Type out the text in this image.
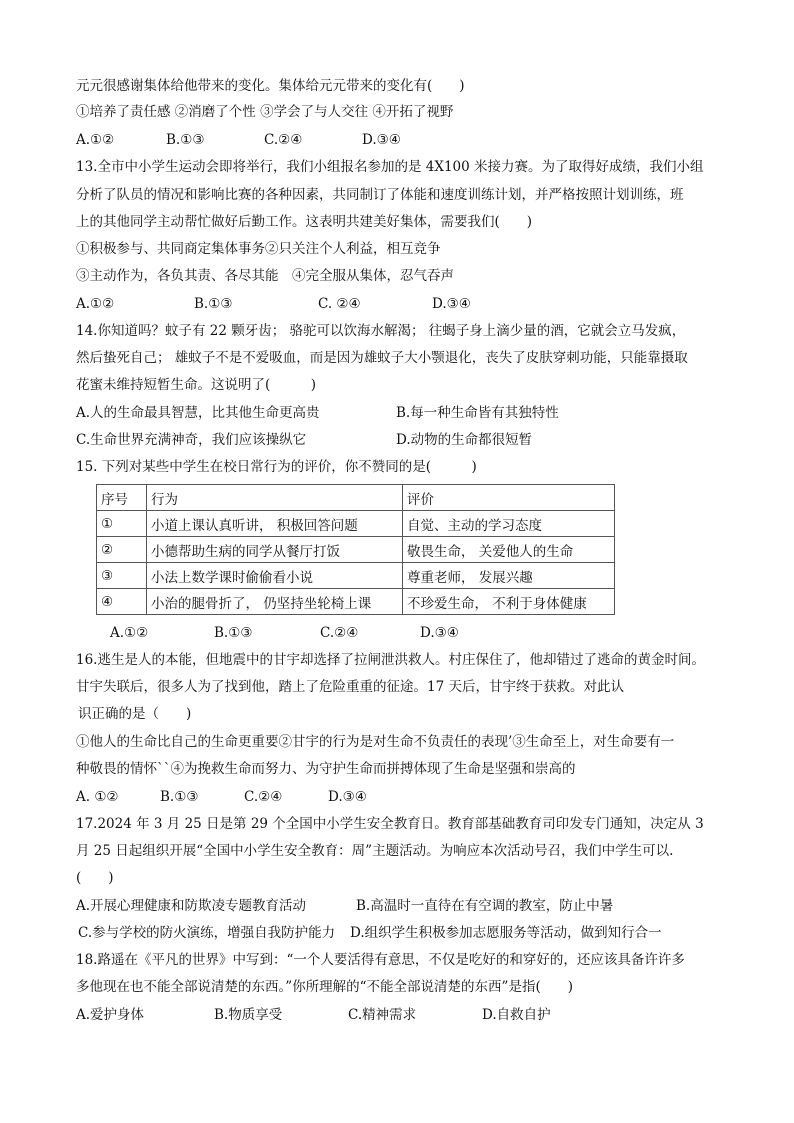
元元很感谢集体给他带来的变化。集体给元元带来的变化有(　　)
①培养了责任感 ②消磨了个性 ③学会了与人交往 ④开拓了视野
A.①②	B.①③	C.②④	D.③④
13.全市中小学生运动会即将举行，我们小组报名参加的是 4X100 米接力赛。为了取得好成绩，我们小组
分析了队员的情况和影响比赛的各种因素，共同制订了体能和速度训练计划，并严格按照计划训练，班
上的其他同学主动帮忙做好后勤工作。这表明共建美好集体，需要我们(　　)
①积极参与、共同商定集体事务②只关注个人利益，相互竞争
③主动作为，各负其责、各尽其能　④完全服从集体，忍气吞声
A.①②	B.①③	C. ②④	D.③④
14.你知道吗？蚊子有 22 颗牙齿； 骆驼可以饮海水解渴； 往蝎子身上滴少量的酒，它就会立马发疯，
然后蛰死自己； 雄蚊子不是不爱吸血，而是因为雄蚊子大小颚退化，丧失了皮肤穿刺功能，只能靠摄取
花蜜未维持短暂生命。这说明了(　　　)
A.人的生命最具智慧，比其他生命更高贵	B.每一种生命皆有其独特性
C.生命世界充满神奇，我们应该操纵它	D.动物的生命都很短暂
15. 下列对某些中学生在校日常行为的评价，你不赞同的是(　　　)
序号	行为	评价
①	小道上课认真听讲， 积极回答问题	自觉、主动的学习态度
②	小德帮助生病的同学从餐厅打饭	敬畏生命， 关爱他人的生命
③	小法上数学课时偷偷看小说	尊重老师， 发展兴趣
④	小治的腿骨折了， 仍坚持坐轮椅上课	不珍爱生命， 不利于身体健康
A.①②	B.①③	C.②④	D.③④
16.逃生是人的本能，但地震中的甘宇却选择了拉闸泄洪救人。村庄保住了，他却错过了逃命的黄金时间。
甘宇失联后，很多人为了找到他，踏上了危险重重的征途。17 天后，甘宇终于获救。对此认
识正确的是（　　)
①他人的生命比自己的生命更重要②甘宇的行为是对生命不负责任的表现’③生命至上，对生命要有一
种敬畏的情怀``④为挽救生命而努力、为守护生命而拼搏体现了生命是坚强和崇高的
A. ①②	B.①③	C.②④	D.③④
17.2024 年 3 月 25 日是第 29 个全国中小学生安全教育日。教育部基础教育司印发专门通知，决定从 3
月 25 日起组织开展“全国中小学生安全教育：周”主题活动。为响应本次活动号召，我们中学生可以.
(　　)
A.开展心理健康和防欺凌专题教育活动	B.高温时一直待在有空调的教室，防止中暑
C.参与学校的防火演练，增强自我防护能力 D.组织学生积极参加志愿服务等活动，做到知行合一
18.路遥在《平凡的世界》中写到：“一个人要活得有意思，不仅是吃好的和穿好的，还应该具备许许多
多他现在也不能全部说清楚的东西。”你所理解的“不能全部说清楚的东西”是指(　　)
A.爱护身体	B.物质享受	C.精神需求	D.自救自护
